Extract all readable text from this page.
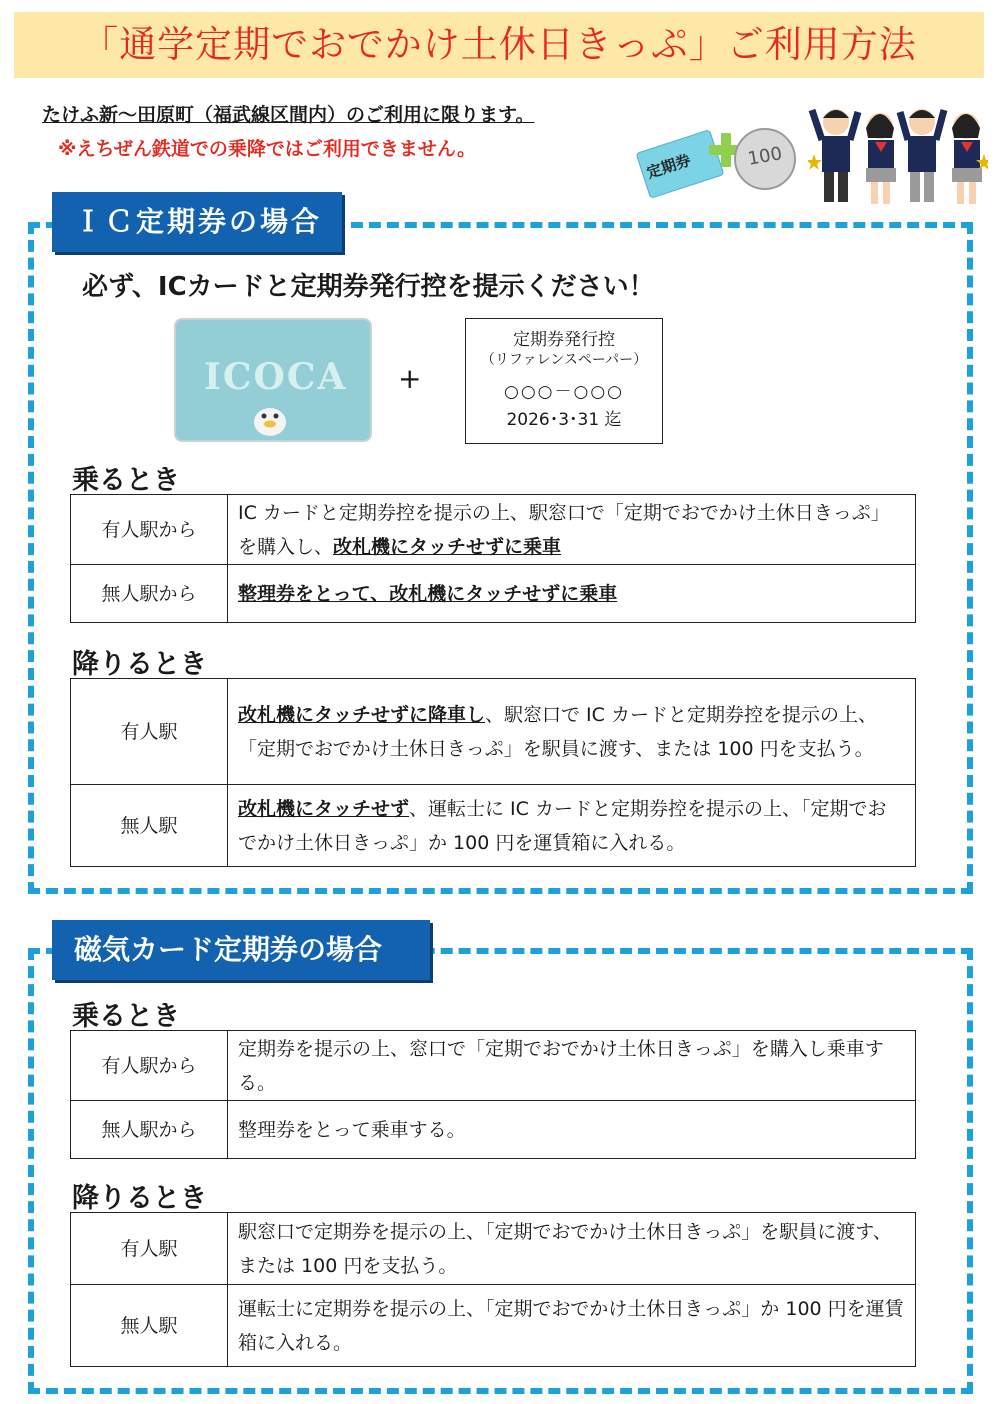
「通学定期でおでかけ土休日きっぷ」ご利用方法
たけふ新～田原町（福武線区間内）のご利用に限ります。
※えちぜん鉄道での乗降ではご利用できません。
定期券	100
ＩＣ定期券の場合
必ず、ICカードと定期券発行控を提示ください！
ICOCA +
定期券発行控
（リファレンスペーパー）
○○○－○○○
2026･3･31 迄
乗るとき
有人駅から	IC カードと定期券控を提示の上、駅窓口で「定期でおでかけ土休日きっぷ」を購入し、改札機にタッチせずに乗車
無人駅から	整理券をとって、改札機にタッチせずに乗車
降りるとき
有人駅	改札機にタッチせずに降車し、駅窓口で IC カードと定期券控を提示の上、「定期でおでかけ土休日きっぷ」を駅員に渡す、または 100 円を支払う。
無人駅	改札機にタッチせず、運転士に IC カードと定期券控を提示の上、「定期でおでかけ土休日きっぷ」か 100 円を運賃箱に入れる。
磁気カード定期券の場合
乗るとき
有人駅から	定期券を提示の上、窓口で「定期でおでかけ土休日きっぷ」を購入し乗車する。
無人駅から	整理券をとって乗車する。
降りるとき
有人駅	駅窓口で定期券を提示の上、「定期でおでかけ土休日きっぷ」を駅員に渡す、または 100 円を支払う。
無人駅	運転士に定期券を提示の上、「定期でおでかけ土休日きっぷ」か 100 円を運賃箱に入れる。
